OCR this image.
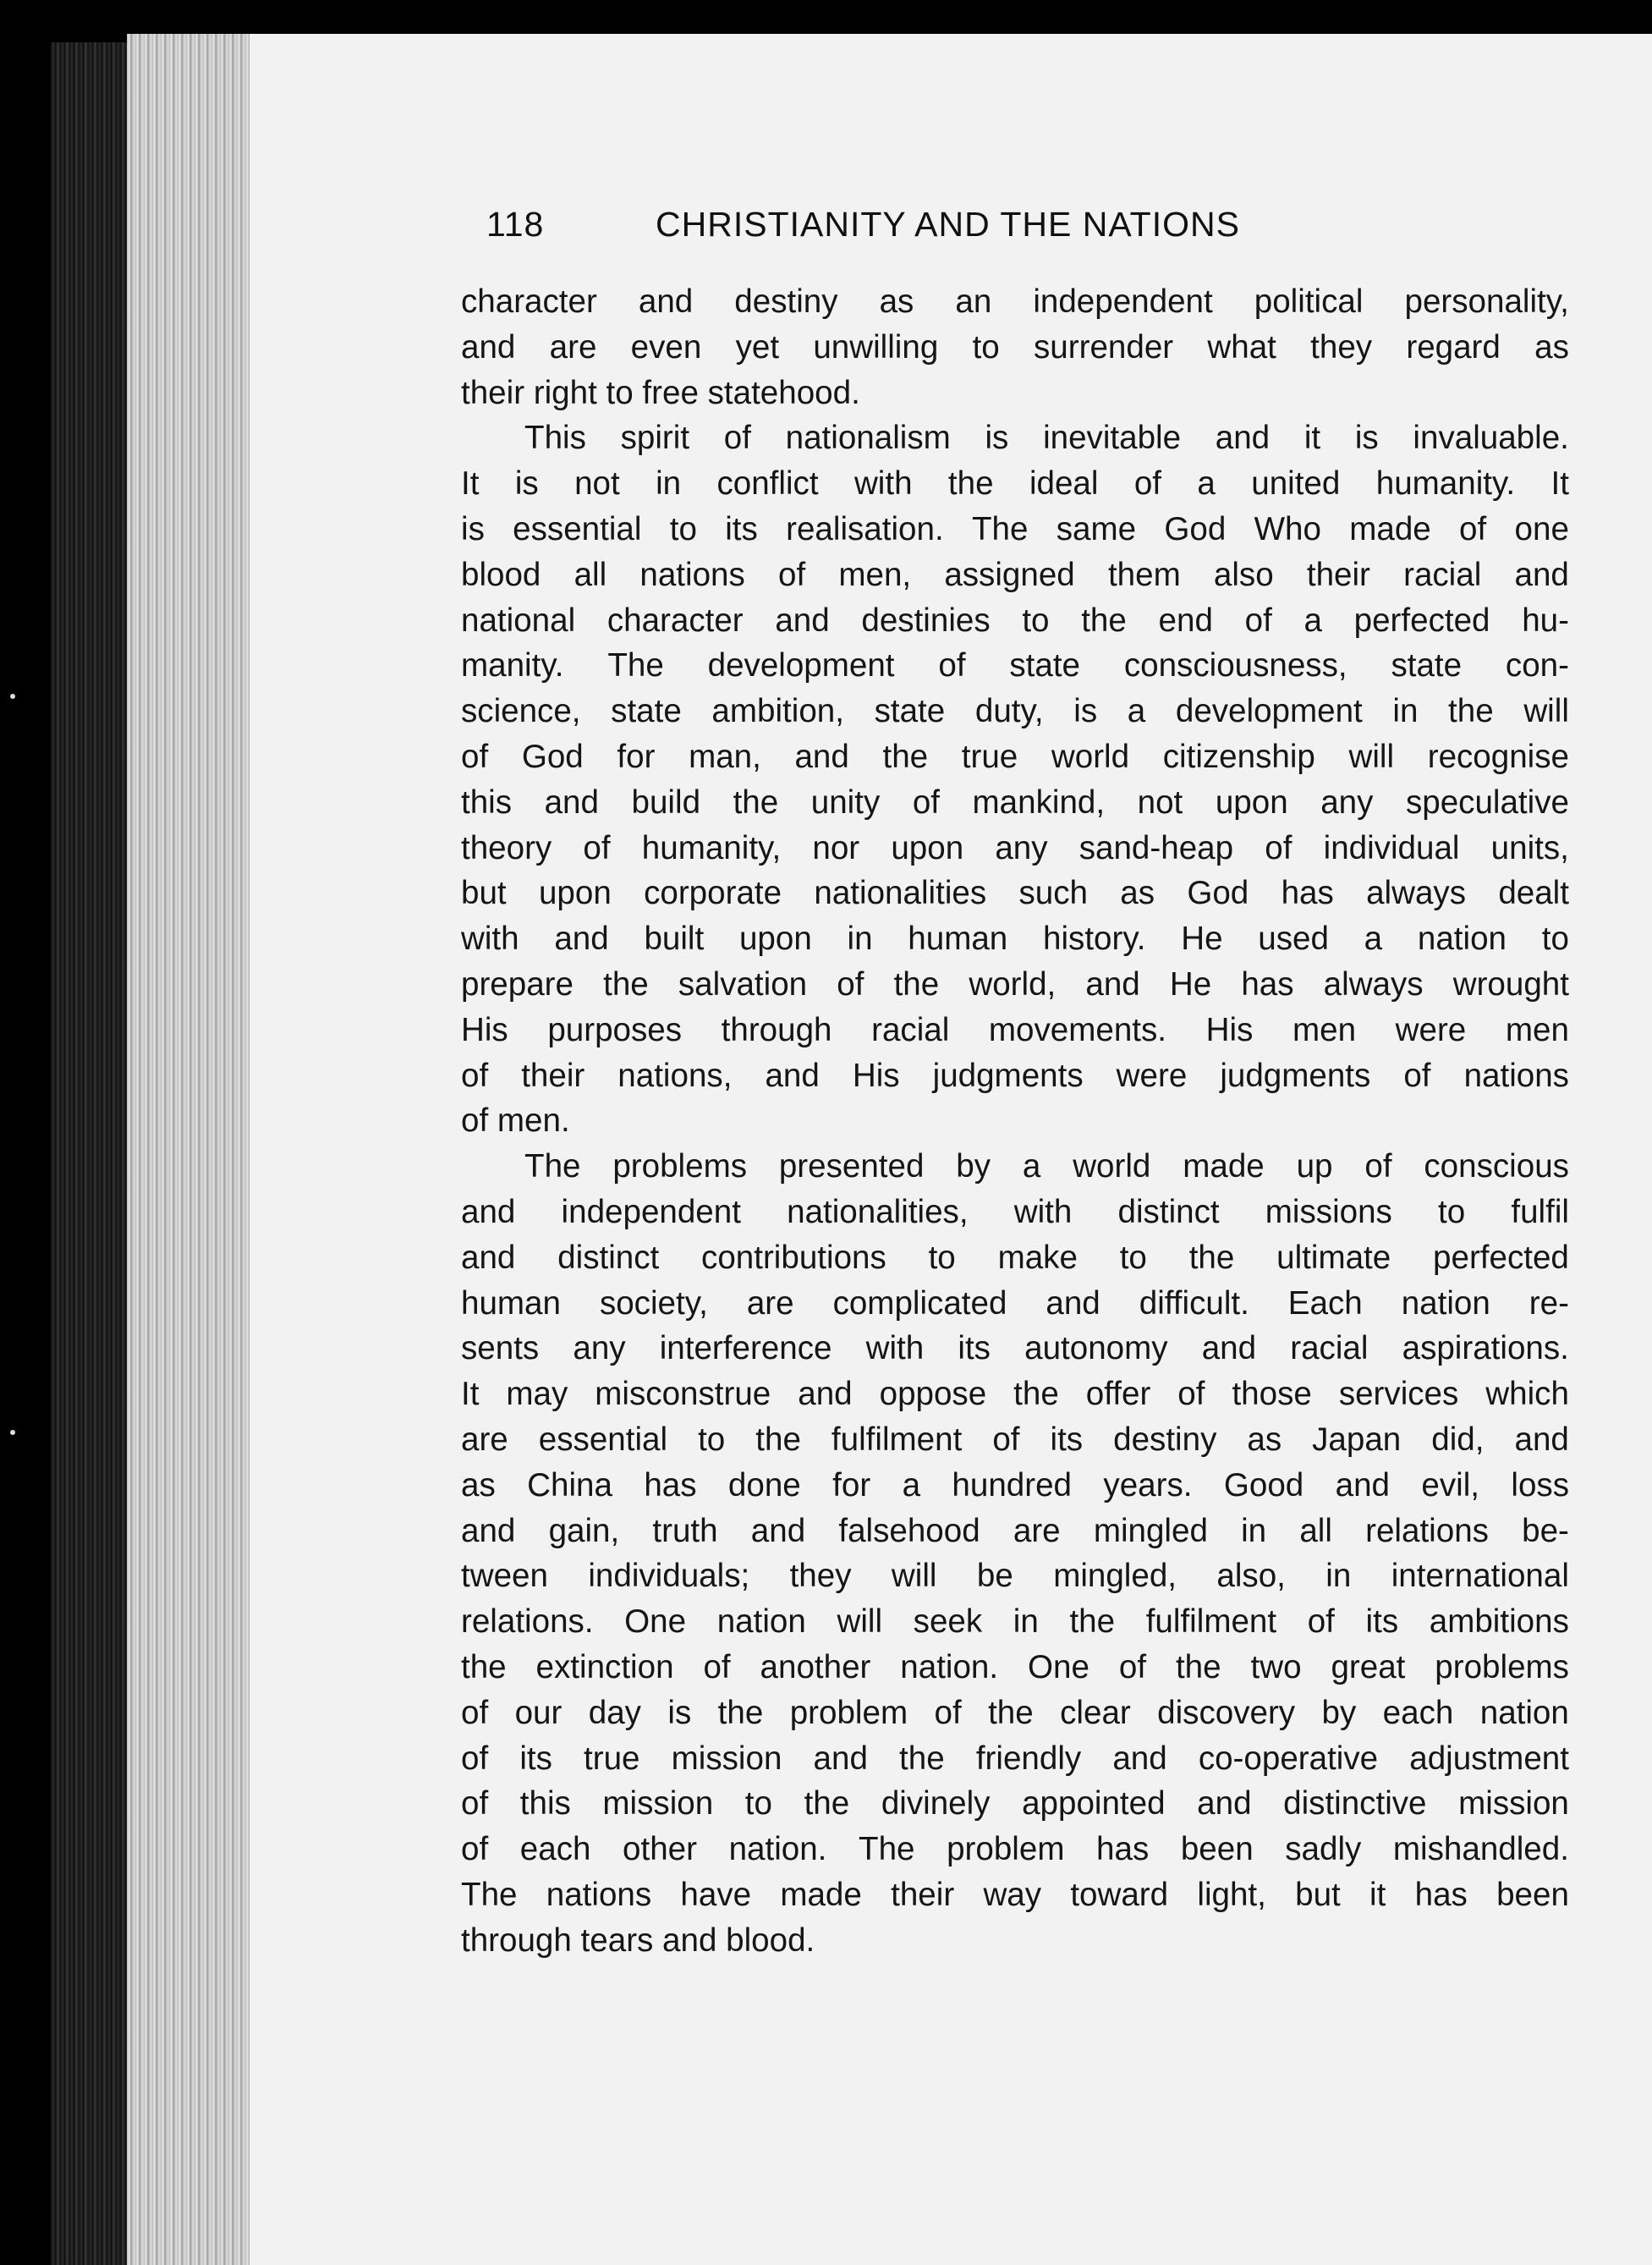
118	CHRISTIANITY AND THE NATIONS
character and destiny as an independent political personality,
and are even yet unwilling to surrender what they regard as
their right to free statehood.
This spirit of nationalism is inevitable and it is invaluable.
It is not in conflict with the ideal of a united humanity. It
is essential to its realisation. The same God Who made of one
blood all nations of men, assigned them also their racial and
national character and destinies to the end of a perfected hu-
manity. The development of state consciousness, state con-
science, state ambition, state duty, is a development in the will
of God for man, and the true world citizenship will recognise
this and build the unity of mankind, not upon any speculative
theory of humanity, nor upon any sand-heap of individual units,
but upon corporate nationalities such as God has always dealt
with and built upon in human history. He used a nation to
prepare the salvation of the world, and He has always wrought
His purposes through racial movements. His men were men
of their nations, and His judgments were judgments of nations
of men.
The problems presented by a world made up of conscious
and independent nationalities, with distinct missions to fulfil
and distinct contributions to make to the ultimate perfected
human society, are complicated and difficult. Each nation re-
sents any interference with its autonomy and racial aspirations.
It may misconstrue and oppose the offer of those services which
are essential to the fulfilment of its destiny as Japan did, and
as China has done for a hundred years. Good and evil, loss
and gain, truth and falsehood are mingled in all relations be-
tween individuals; they will be mingled, also, in international
relations. One nation will seek in the fulfilment of its ambitions
the extinction of another nation. One of the two great problems
of our day is the problem of the clear discovery by each nation
of its true mission and the friendly and co-operative adjustment
of this mission to the divinely appointed and distinctive mission
of each other nation. The problem has been sadly mishandled.
The nations have made their way toward light, but it has been
through tears and blood.
